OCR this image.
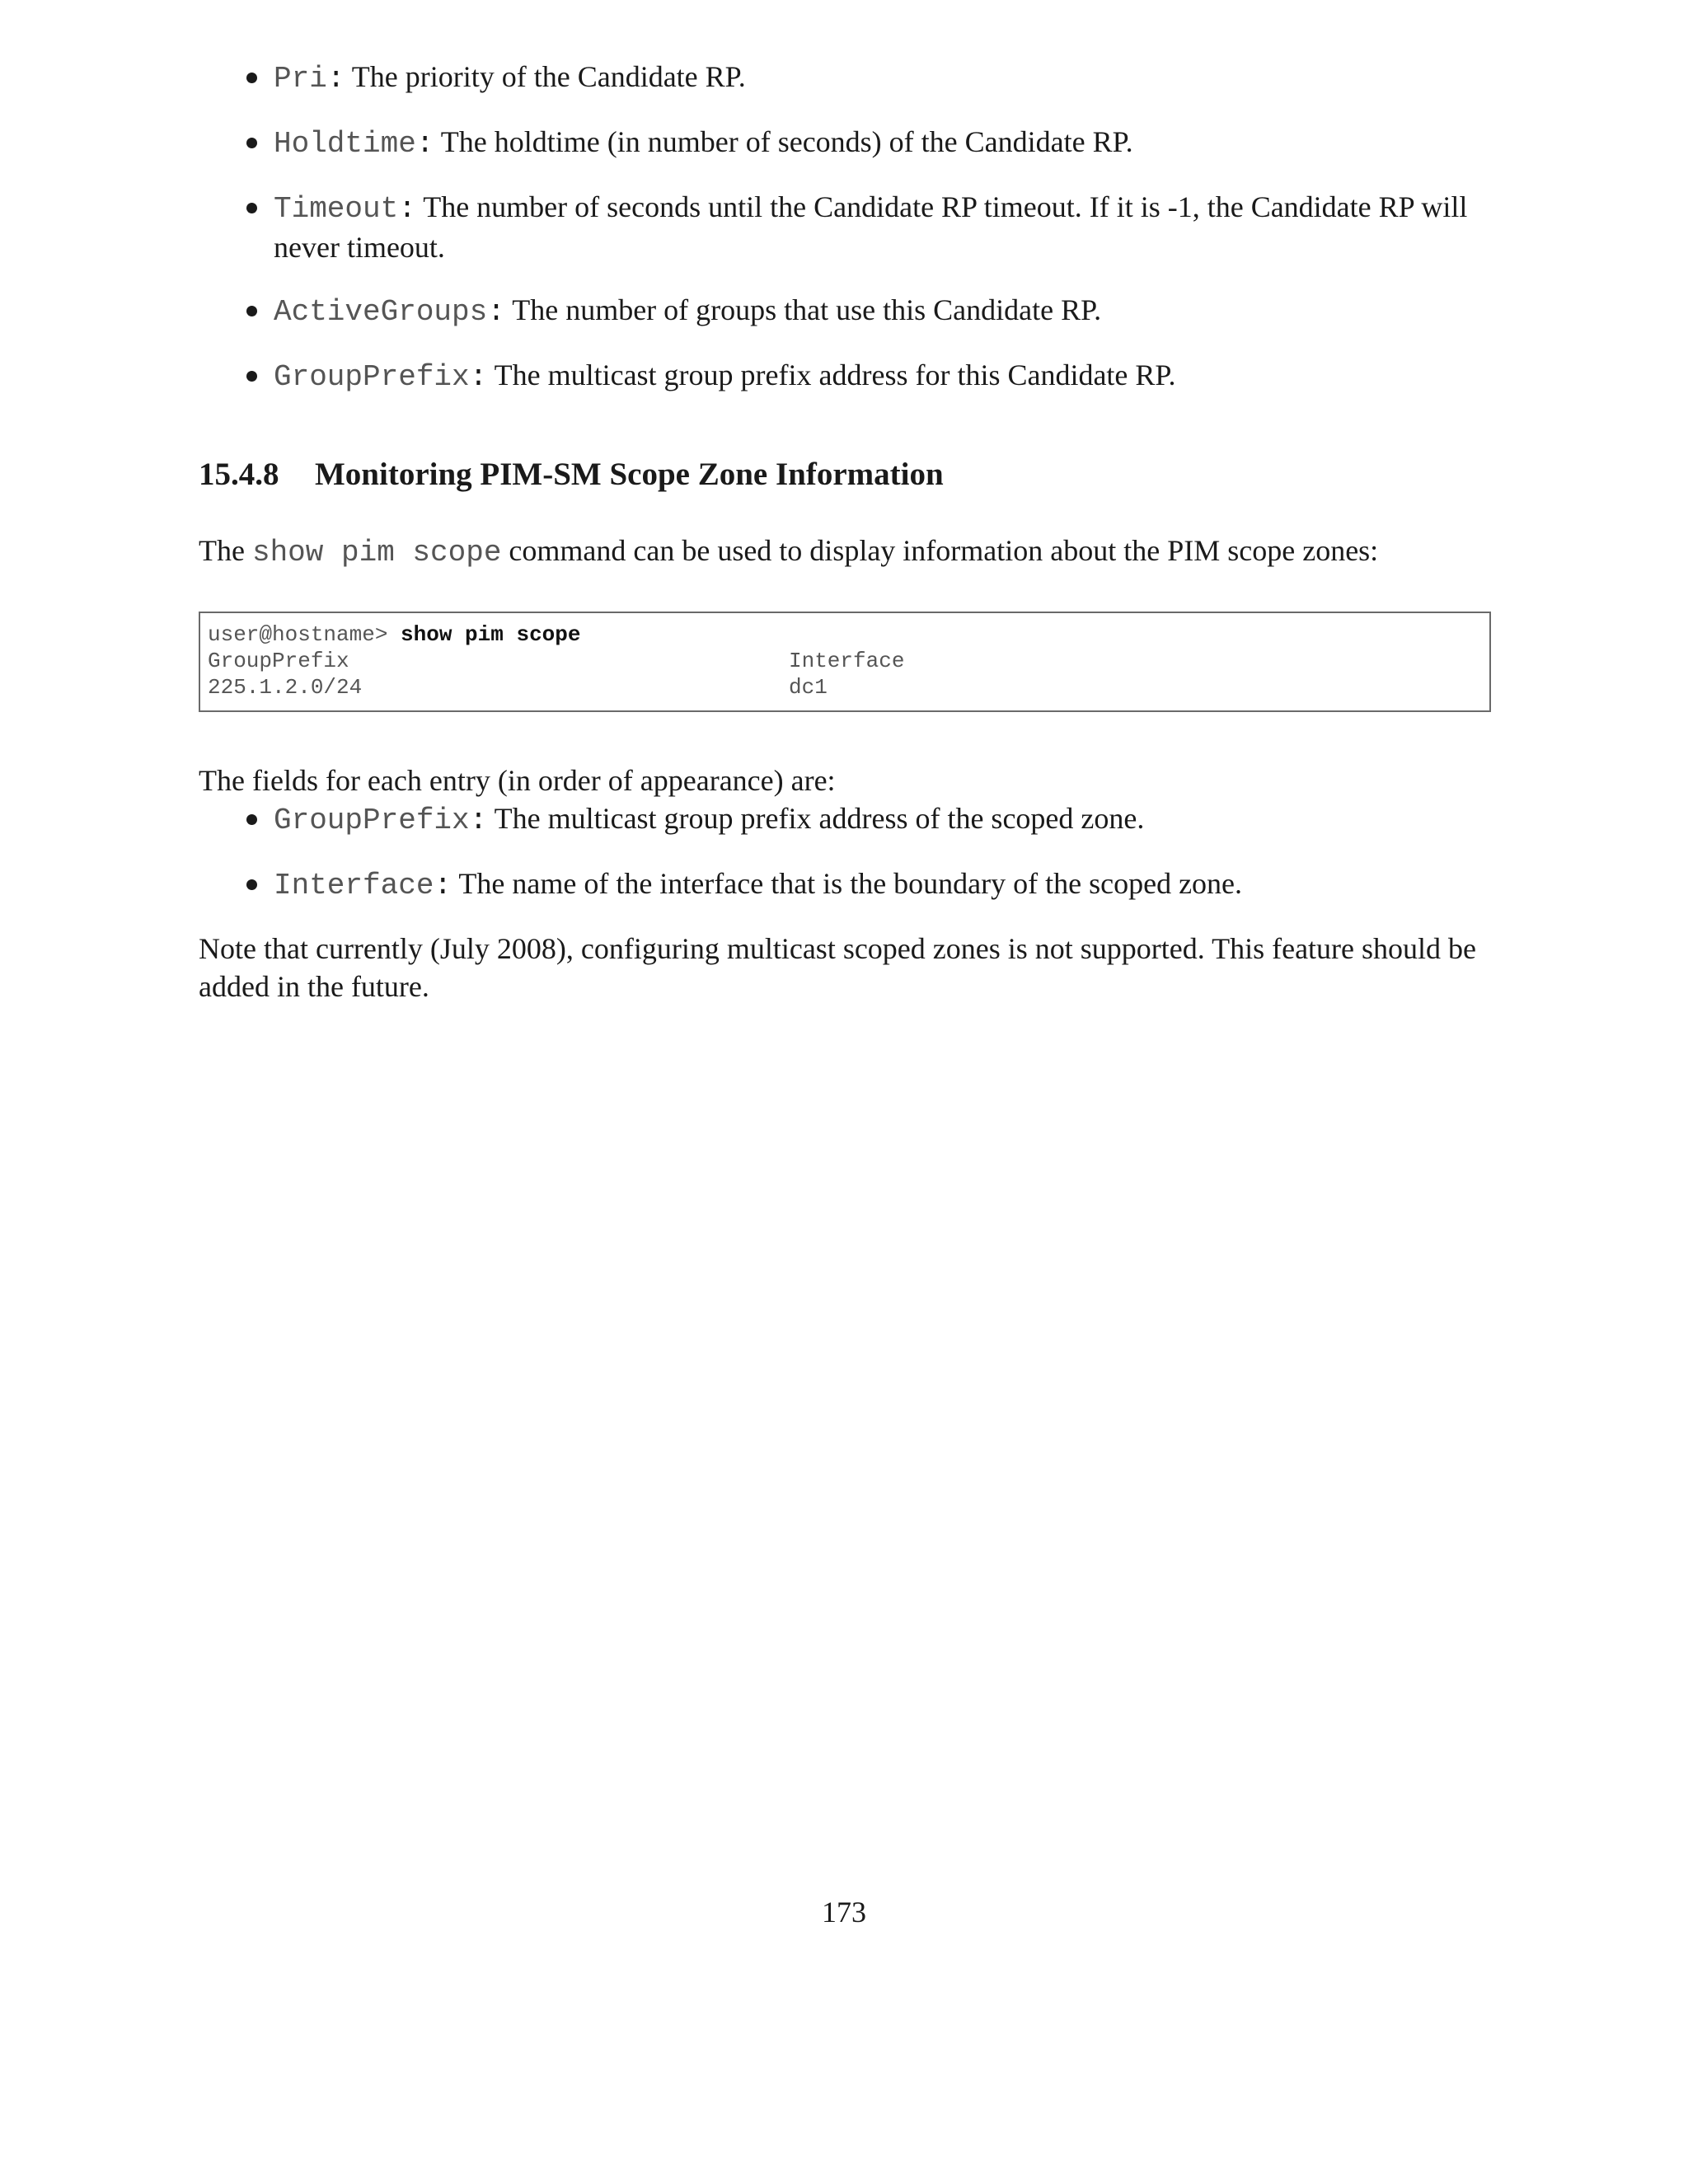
Pri: The priority of the Candidate RP.
Holdtime: The holdtime (in number of seconds) of the Candidate RP.
Timeout: The number of seconds until the Candidate RP timeout. If it is -1, the Candidate RP will never timeout.
ActiveGroups: The number of groups that use this Candidate RP.
GroupPrefix: The multicast group prefix address for this Candidate RP.
15.4.8 Monitoring PIM-SM Scope Zone Information

The show pim scope command can be used to display information about the PIM scope zones:

user@hostname> show pim scope
GroupPrefix	Interface
225.1.2.0/24	dc1

The fields for each entry (in order of appearance) are:

GroupPrefix: The multicast group prefix address of the scoped zone.
Interface: The name of the interface that is the boundary of the scoped zone.

Note that currently (July 2008), configuring multicast scoped zones is not supported. This feature should be added in the future.

173
